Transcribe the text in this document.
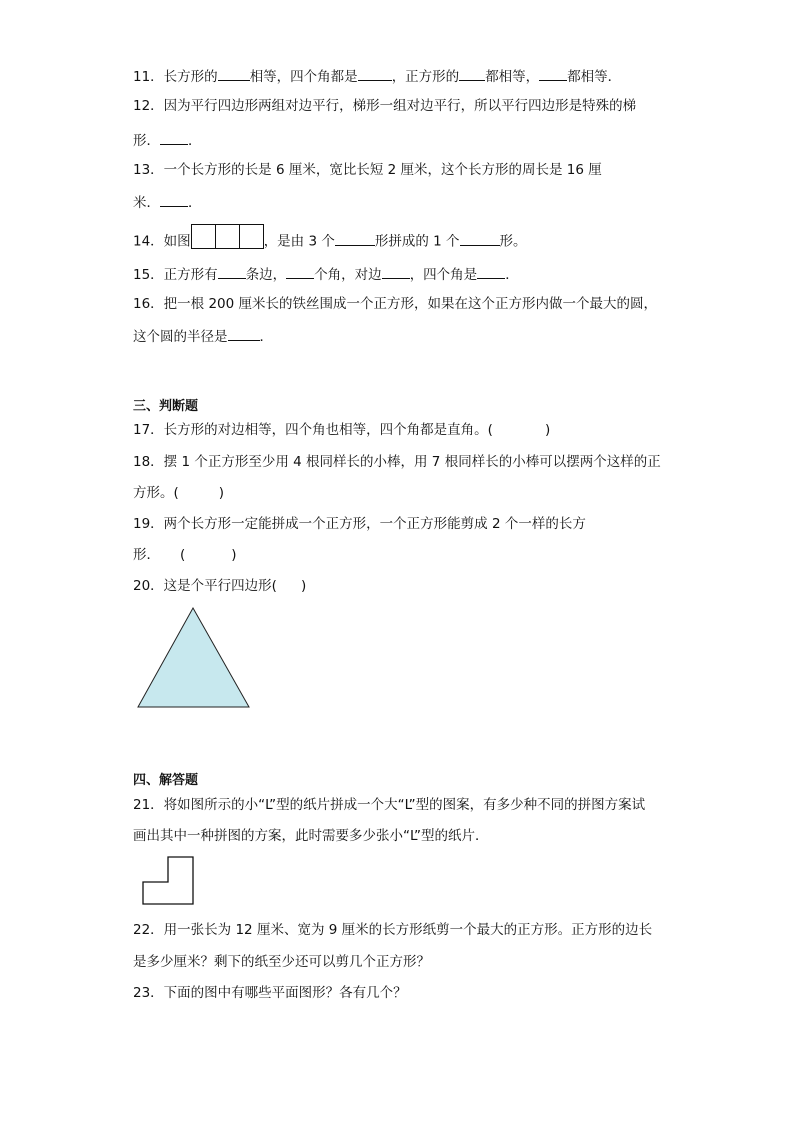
11．长方形的 相等，四个角都是	，正方形的 都相等， 都相等．
12．因为平行四边形两组对边平行，梯形一组对边平行，所以平行四边形是特殊的梯
形． ．
13．一个长方形的长是 6 厘米，宽比长短 2 厘米，这个长方形的周长是 16 厘
米． ．
14．如图	，是由 3 个	形拼成的 1 个	形。
15．正方形有 条边， 个角，对边 ，四个角是 ．
16．把一根 200 厘米长的铁丝围成一个正方形，如果在这个正方形内做一个最大的圆，
这个圆的半径是 ．
三、判断题
17．长方形的对边相等，四个角也相等，四个角都是直角。(	)
18．摆 1 个正方形至少用 4 根同样长的小棒，用 7 根同样长的小棒可以摆两个这样的正
方形。(	)
19．两个长方形一定能拼成一个正方形，一个正方形能剪成 2 个一样的长方
形． (	)
20．这是个平行四边形( )
四、解答题
21．将如图所示的小“L”型的纸片拼成一个大“L”型的图案，有多少种不同的拼图方案试
画出其中一种拼图的方案，此时需要多少张小“L”型的纸片．
22．用一张长为 12 厘米、宽为 9 厘米的长方形纸剪一个最大的正方形。正方形的边长
是多少厘米？剩下的纸至少还可以剪几个正方形？
23．下面的图中有哪些平面图形？各有几个？
